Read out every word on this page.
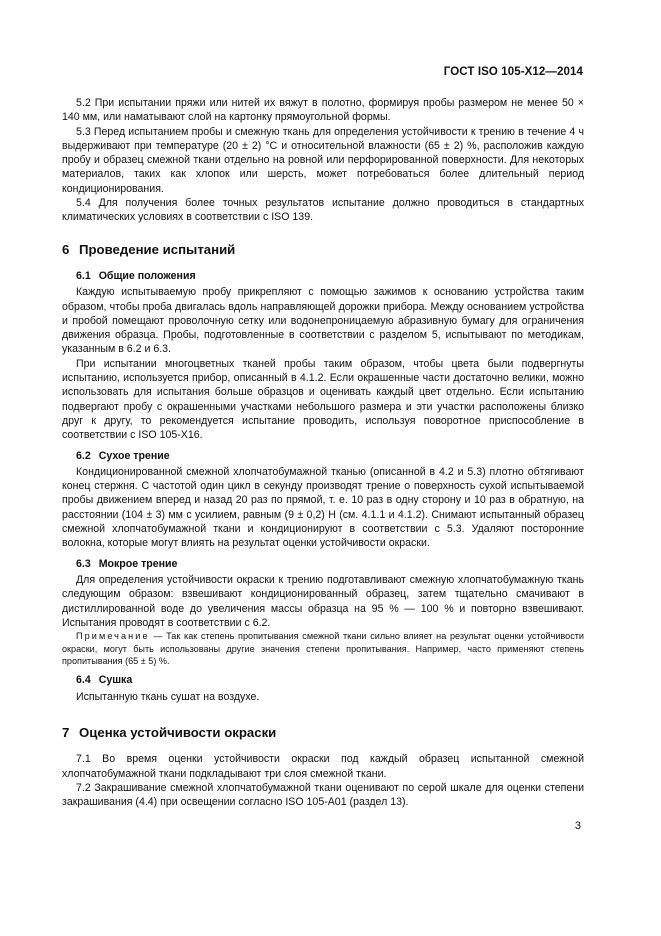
ГОСТ ISO 105-X12—2014

5.2 При испытании пряжи или нитей их вяжут в полотно, формируя пробы размером не менее 50 × 140 мм, или наматывают слой на картонку прямоугольной формы.

5.3 Перед испытанием пробы и смежную ткань для определения устойчивости к трению в течение 4 ч выдерживают при температуре (20 ± 2) °С и относительной влажности (65 ± 2) %, расположив каждую пробу и образец смежной ткани отдельно на ровной или перфорированной поверхности. Для некоторых материалов, таких как хлопок или шерсть, может потребоваться более длительный период кондиционирования.

5.4 Для получения более точных результатов испытание должно проводиться в стандартных климатических условиях в соответствии с ISO 139.

6 Проведение испытаний
6.1 Общие положения

Каждую испытываемую пробу прикрепляют с помощью зажимов к основанию устройства таким образом, чтобы проба двигалась вдоль направляющей дорожки прибора. Между основанием устройства и пробой помещают проволочную сетку или водонепроницаемую абразивную бумагу для ограничения движения образца. Пробы, подготовленные в соответствии с разделом 5, испытывают по методикам, указанным в 6.2 и 6.3.

При испытании многоцветных тканей пробы таким образом, чтобы цвета были подвергнуты испытанию, используется прибор, описанный в 4.1.2. Если окрашенные части достаточно велики, можно использовать для испытания больше образцов и оценивать каждый цвет отдельно. Если испытанию подвергают пробу с окрашенными участками небольшого размера и эти участки расположены близко друг к другу, то рекомендуется испытание проводить, используя поворотное приспособление в соответствии с ISO 105-X16.

6.2 Сухое трение

Кондиционированной смежной хлопчатобумажной тканью (описанной в 4.2 и 5.3) плотно обтягивают конец стержня. С частотой один цикл в секунду производят трение о поверхность сухой испытываемой пробы движением вперед и назад 20 раз по прямой, т. е. 10 раз в одну сторону и 10 раз в обратную, на расстоянии (104 ± 3) мм с усилием, равным (9 ± 0,2) Н (см. 4.1.1 и 4.1.2). Снимают испытанный образец смежной хлопчатобумажной ткани и кондиционируют в соответствии с 5.3. Удаляют посторонние волокна, которые могут влиять на результат оценки устойчивости окраски.

6.3 Мокрое трение

Для определения устойчивости окраски к трению подготавливают смежную хлопчатобумажную ткань следующим образом: взвешивают кондиционированный образец, затем тщательно смачивают в дистиллированной воде до увеличения массы образца на 95 % — 100 % и повторно взвешивают. Испытания проводят в соответствии с 6.2.

Примечание — Так как степень пропитывания смежной ткани сильно влияет на результат оценки устойчивости окраски, могут быть использованы другие значения степени пропитывания. Например, часто применяют степень пропитывания (65 ± 5) %.

6.4 Сушка

Испытанную ткань сушат на воздухе.

7 Оценка устойчивости окраски

7.1 Во время оценки устойчивости окраски под каждый образец испытанной смежной хлопчатобумажной ткани подкладывают три слоя смежной ткани.

7.2 Закрашивание смежной хлопчатобумажной ткани оценивают по серой шкале для оценки степени закрашивания (4.4) при освещении согласно ISO 105-A01 (раздел 13).

3
